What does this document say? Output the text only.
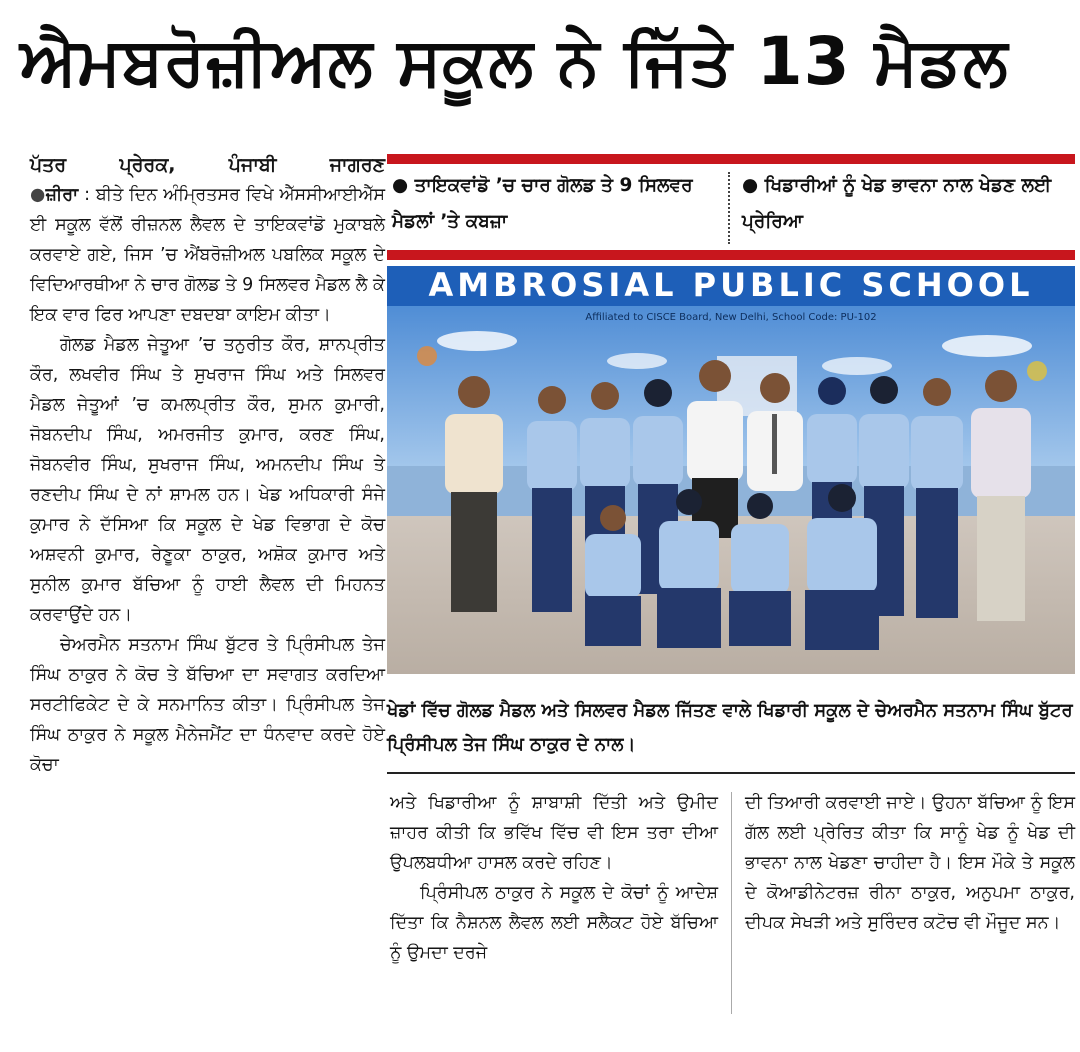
ਐਮਬਰੋਜ਼ੀਅਲ ਸਕੂਲ ਨੇ ਜਿੱਤੇ 13 ਮੈਡਲ

ਪੱਤਰ ਪ੍ਰੇਰਕ, ਪੰਜਾਬੀ ਜਾਗਰਣ

●ਜ਼ੀਰਾ : ਬੀਤੇ ਦਿਨ ਅੰਮ੍ਰਿਤਸਰ ਵਿਖੇ ਐੱਸਸੀਆਈਐੱਸ ਈ ਸਕੂਲ ਵੱਲੋਂ ਰੀਜ਼ਨਲ ਲੈਵਲ ਦੇ ਤਾਇਕਵਾਂਡੋ ਮੁਕਾਬਲੇ ਕਰਵਾਏ ਗਏ, ਜਿਸ ’ਚ ਐਂਬਰੋਜ਼ੀਅਲ ਪਬਲਿਕ ਸਕੂਲ ਦੇ ਵਿਦਿਆਰਥੀਆ ਨੇ ਚਾਰ ਗੋਲਡ ਤੇ 9 ਸਿਲਵਰ ਮੈਡਲ ਲੈ ਕੇ ਇਕ ਵਾਰ ਫਿਰ ਆਪਣਾ ਦਬਦਬਾ ਕਾਇਮ ਕੀਤਾ।

ਗੋਲਡ ਮੈਡਲ ਜੇਤੂਆ ’ਚ ਤਨੁਰੀਤ ਕੌਰ, ਸ਼ਾਨਪ੍ਰੀਤ ਕੌਰ, ਲਖਵੀਰ ਸਿੰਘ ਤੇ ਸੁਖਰਾਜ ਸਿੰਘ ਅਤੇ ਸਿਲਵਰ ਮੈਡਲ ਜੇਤੂਆਂ ’ਚ ਕਮਲਪ੍ਰੀਤ ਕੌਰ, ਸੁਮਨ ਕੁਮਾਰੀ, ਜੋਬਨਦੀਪ ਸਿੰਘ, ਅਮਰਜੀਤ ਕੁਮਾਰ, ਕਰਣ ਸਿੰਘ, ਜੋਬਨਵੀਰ ਸਿੰਘ, ਸੁਖਰਾਜ ਸਿੰਘ, ਅਮਨਦੀਪ ਸਿੰਘ ਤੇ ਰਣਦੀਪ ਸਿੰਘ ਦੇ ਨਾਂ ਸ਼ਾਮਲ ਹਨ। ਖੇਡ ਅਧਿਕਾਰੀ ਸੰਜੇ ਕੁਮਾਰ ਨੇ ਦੱਸਿਆ ਕਿ ਸਕੂਲ ਦੇ ਖੇਡ ਵਿਭਾਗ ਦੇ ਕੋਚ ਅਸ਼ਵਨੀ ਕੁਮਾਰ, ਰੇਣੂਕਾ ਠਾਕੁਰ, ਅਸ਼ੋਕ ਕੁਮਾਰ ਅਤੇ ਸੁਨੀਲ ਕੁਮਾਰ ਬੱਚਿਆ ਨੂੰ ਹਾਈ ਲੈਵਲ ਦੀ ਮਿਹਨਤ ਕਰਵਾਉਂਦੇ ਹਨ।

ਚੇਅਰਮੈਨ ਸਤਨਾਮ ਸਿੰਘ ਬੁੱਟਰ ਤੇ ਪ੍ਰਿੰਸੀਪਲ ਤੇਜ ਸਿੰਘ ਠਾਕੁਰ ਨੇ ਕੋਚ ਤੇ ਬੱਚਿਆ ਦਾ ਸਵਾਗਤ ਕਰਦਿਆ ਸਰਟੀਫਿਕੇਟ ਦੇ ਕੇ ਸਨਮਾਨਿਤ ਕੀਤਾ। ਪ੍ਰਿੰਸੀਪਲ ਤੇਜ ਸਿੰਘ ਠਾਕੁਰ ਨੇ ਸਕੂਲ ਮੈਨੇਜਮੈਂਟ ਦਾ ਧੰਨਵਾਦ ਕਰਦੇ ਹੋਏ ਕੋਚਾ

● ਤਾਇਕਵਾਂਡੋ ’ਚ ਚਾਰ ਗੋਲਡ ਤੇ 9 ਸਿਲਵਰ ਮੈਡਲਾਂ ’ਤੇ ਕਬਜ਼ਾ
● ਖਿਡਾਰੀਆਂ ਨੂੰ ਖੇਡ ਭਾਵਨਾ ਨਾਲ ਖੇਡਣ ਲਈ ਪ੍ਰੇਰਿਆ
AMBROSIAL PUBLIC SCHOOL
Affiliated to CISCE Board, New Delhi, School Code: PU-102
ਖੇਡਾਂ ਵਿੱਚ ਗੋਲਡ ਮੈਡਲ ਅਤੇ ਸਿਲਵਰ ਮੈਡਲ ਜਿੱਤਣ ਵਾਲੇ ਖਿਡਾਰੀ ਸਕੂਲ ਦੇ ਚੇਅਰਮੈਨ ਸਤਨਾਮ ਸਿੰਘ ਬੁੱਟਰ ਪ੍ਰਿੰਸੀਪਲ ਤੇਜ ਸਿੰਘ ਠਾਕੁਰ ਦੇ ਨਾਲ।

ਅਤੇ ਖਿਡਾਰੀਆ ਨੂੰ ਸ਼ਾਬਾਸ਼ੀ ਦਿੱਤੀ ਅਤੇ ਉਮੀਦ ਜ਼ਾਹਰ ਕੀਤੀ ਕਿ ਭਵਿੱਖ ਵਿੱਚ ਵੀ ਇਸ ਤਰਾ ਦੀਆ ਉਪਲਬਧੀਆ ਹਾਸਲ ਕਰਦੇ ਰਹਿਣ।

ਪ੍ਰਿੰਸੀਪਲ ਠਾਕੁਰ ਨੇ ਸਕੂਲ ਦੇ ਕੋਚਾਂ ਨੂੰ ਆਦੇਸ਼ ਦਿੱਤਾ ਕਿ ਨੈਸ਼ਨਲ ਲੈਵਲ ਲਈ ਸਲੈਕਟ ਹੋਏ ਬੱਚਿਆ ਨੂੰ ਉਮਦਾ ਦਰਜੇ

ਦੀ ਤਿਆਰੀ ਕਰਵਾਈ ਜਾਏ। ਉਹਨਾ ਬੱਚਿਆ ਨੂੰ ਇਸ ਗੱਲ ਲਈ ਪ੍ਰੇਰਿਤ ਕੀਤਾ ਕਿ ਸਾਨੂੰ ਖੇਡ ਨੂੰ ਖੇਡ ਦੀ ਭਾਵਨਾ ਨਾਲ ਖੇਡਣਾ ਚਾਹੀਦਾ ਹੈ। ਇਸ ਮੌਕੇ ਤੇ ਸਕੂਲ ਦੇ ਕੋਆਡੀਨੇਟਰਜ਼ ਰੀਨਾ ਠਾਕੁਰ, ਅਨੁਪਮਾ ਠਾਕੁਰ, ਦੀਪਕ ਸੇਖੜੀ ਅਤੇ ਸੁਰਿੰਦਰ ਕਟੋਚ ਵੀ ਮੌਜੂਦ ਸਨ।
